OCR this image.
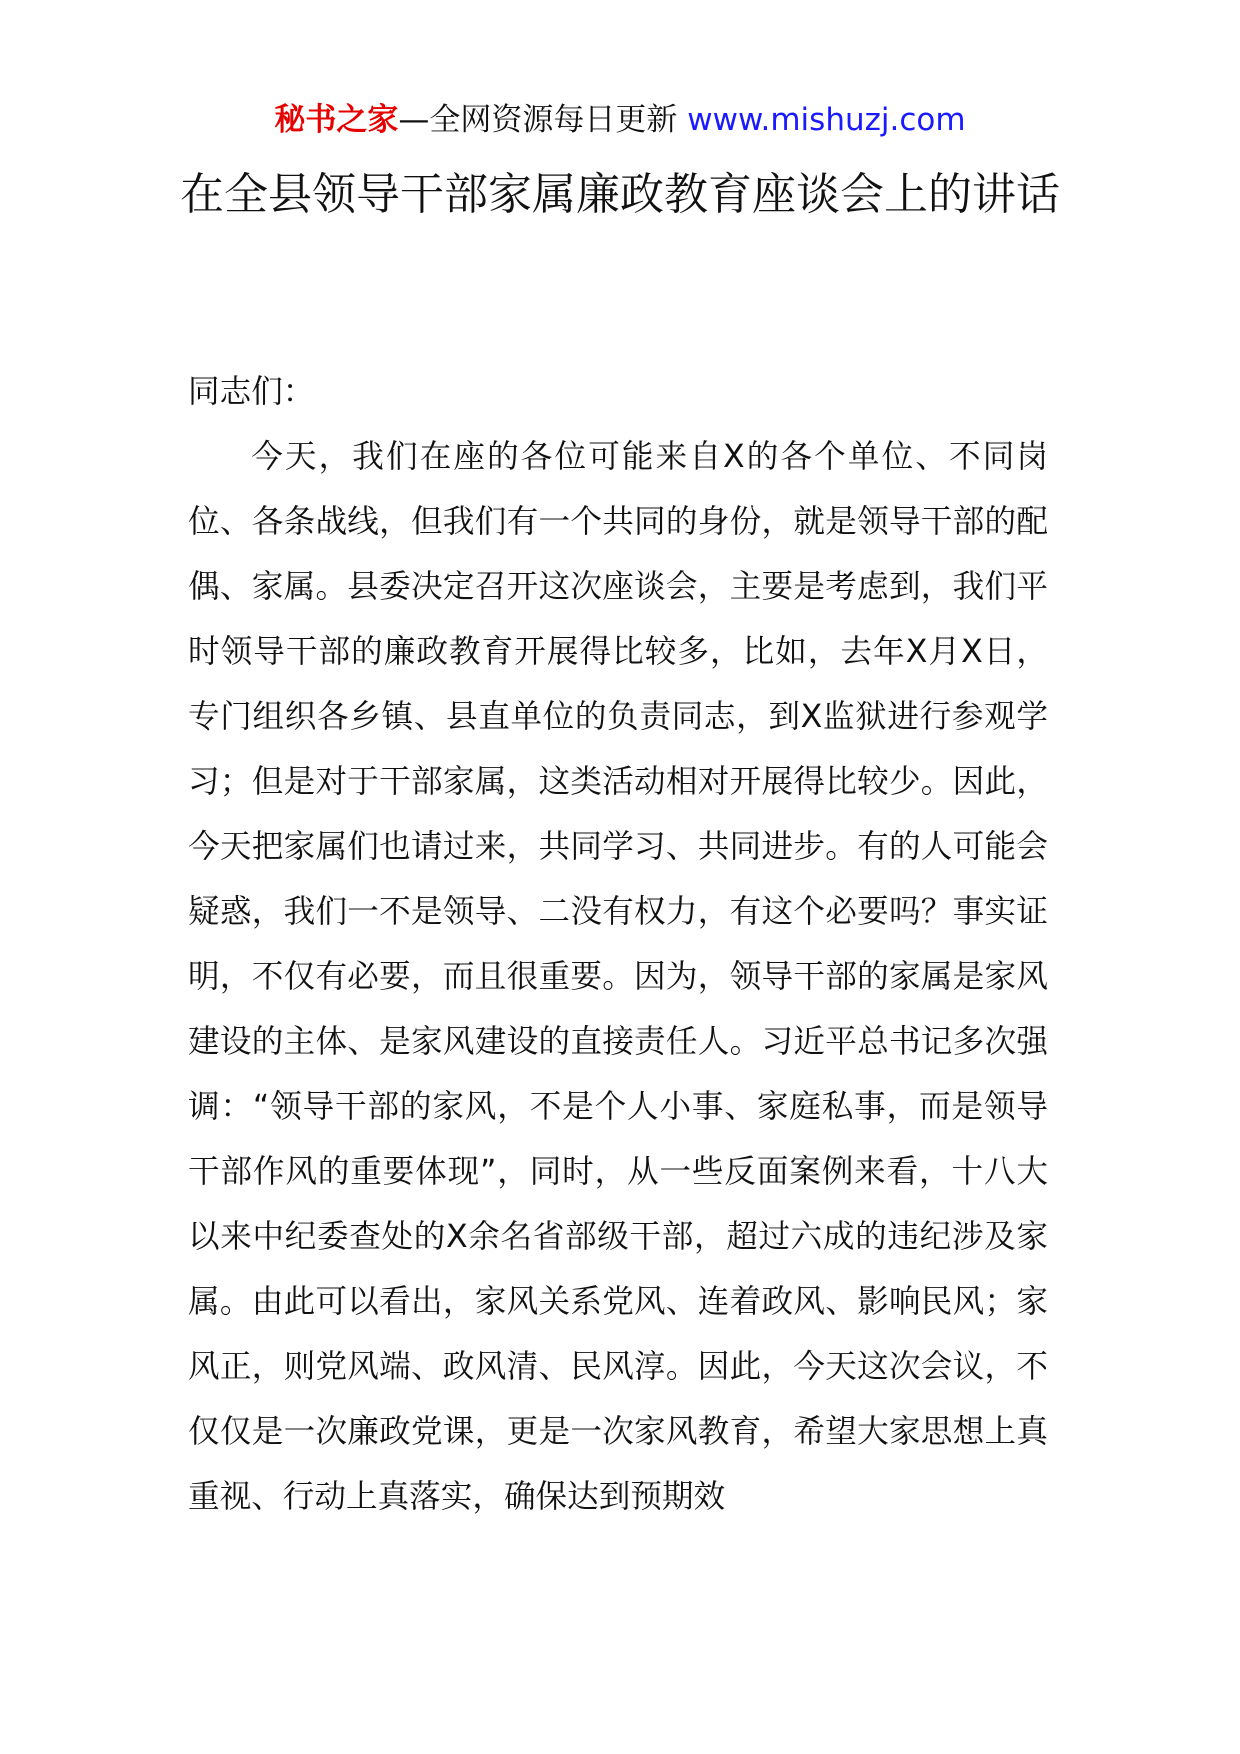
秘书之家—全网资源每日更新 www.mishuzj.com
在全县领导干部家属廉政教育座谈会上的讲话

同志们：

今天，我们在座的各位可能来自X的各个单位、不同岗位、各条战线，但我们有一个共同的身份，就是领导干部的配偶、家属。县委决定召开这次座谈会，主要是考虑到，我们平时领导干部的廉政教育开展得比较多，比如，去年X月X日，专门组织各乡镇、县直单位的负责同志，到X监狱进行参观学习；但是对于干部家属，这类活动相对开展得比较少。因此，今天把家属们也请过来，共同学习、共同进步。有的人可能会疑惑，我们一不是领导、二没有权力，有这个必要吗？事实证明，不仅有必要，而且很重要。因为，领导干部的家属是家风建设的主体、是家风建设的直接责任人。习近平总书记多次强调：“领导干部的家风，不是个人小事、家庭私事，而是领导干部作风的重要体现”，同时，从一些反面案例来看，十八大以来中纪委查处的X余名省部级干部，超过六成的违纪涉及家属。由此可以看出，家风关系党风、连着政风、影响民风；家风正，则党风端、政风清、民风淳。因此，今天这次会议，不仅仅是一次廉政党课，更是一次家风教育，希望大家思想上真重视、行动上真落实，确保达到预期效
